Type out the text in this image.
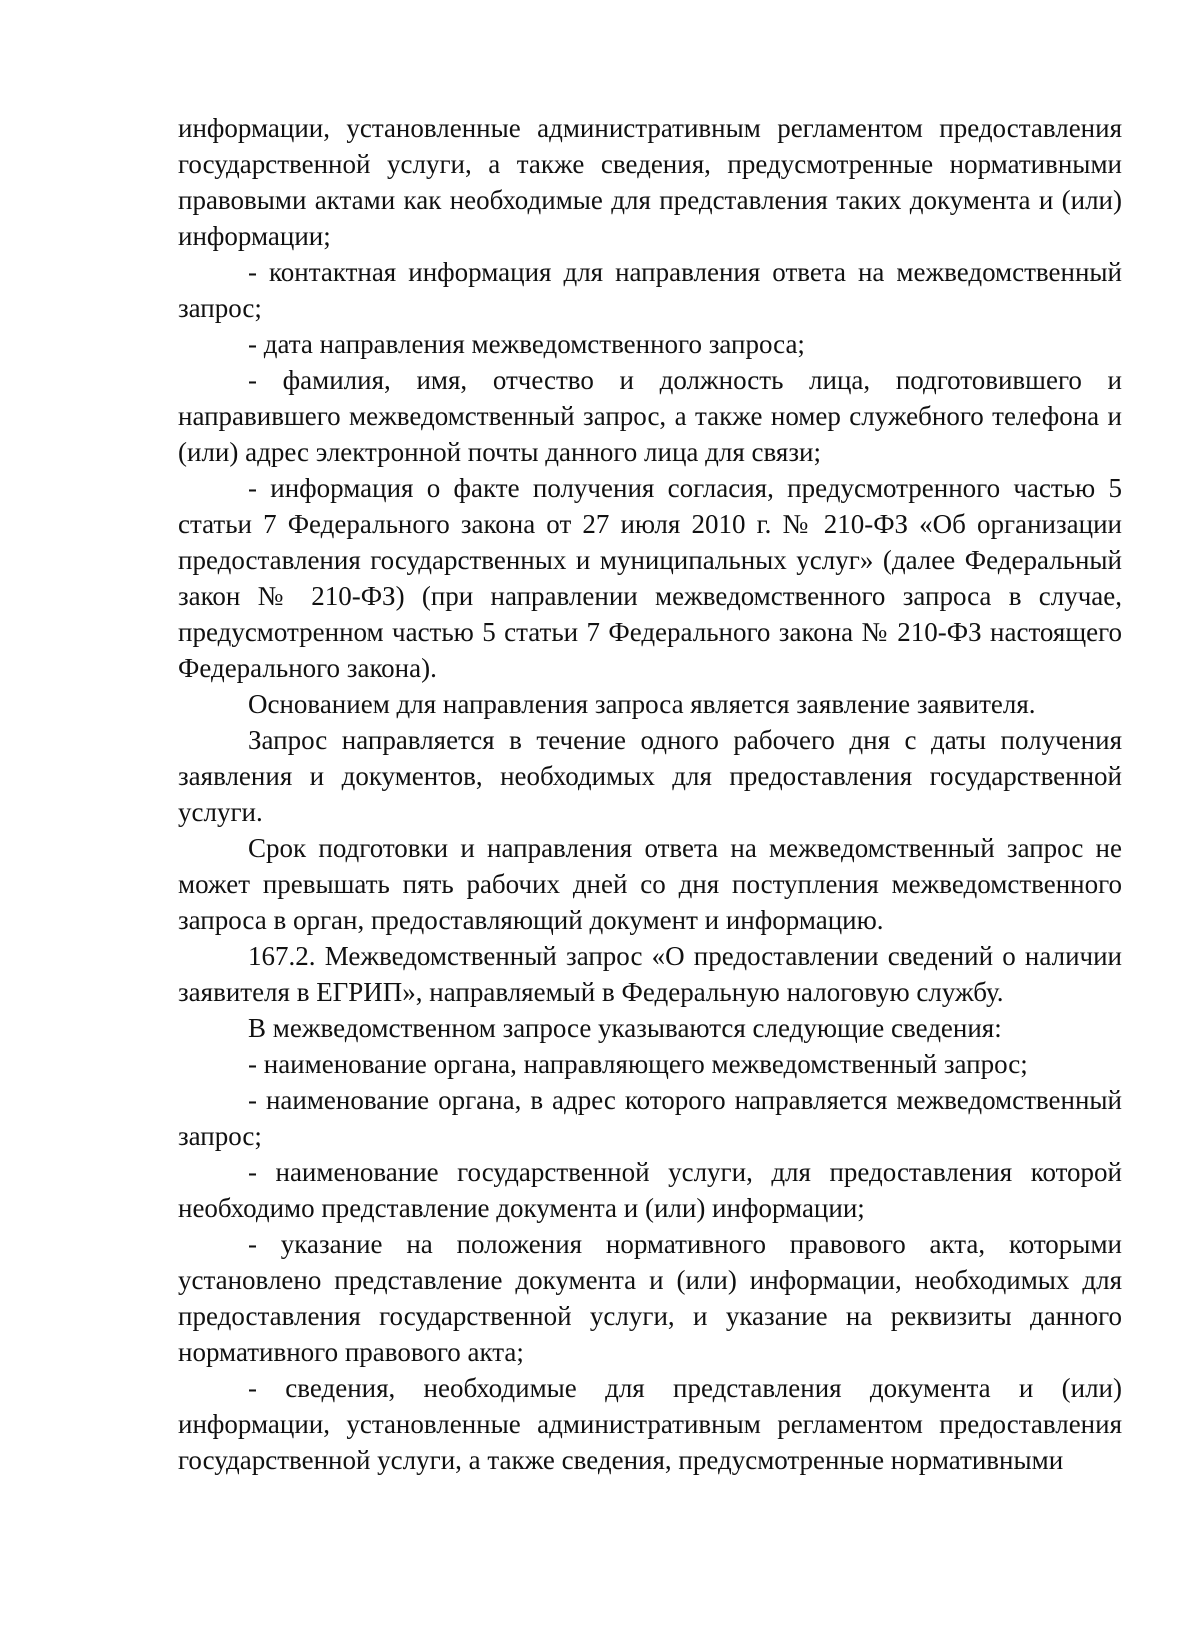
информации, установленные административным регламентом предоставления государственной услуги, а также сведения, предусмотренные нормативными правовыми актами как необходимые для представления таких документа и (или) информации;

- контактная информация для направления ответа на межведомственный запрос;

- дата направления межведомственного запроса;

- фамилия, имя, отчество и должность лица, подготовившего и направившего межведомственный запрос, а также номер служебного телефона и (или) адрес электронной почты данного лица для связи;

- информация о факте получения согласия, предусмотренного частью 5 статьи 7 Федерального закона от 27 июля 2010 г. № 210-ФЗ «Об организации предоставления государственных и муниципальных услуг» (далее Федеральный закон № 210-ФЗ) (при направлении межведомственного запроса в случае, предусмотренном частью 5 статьи 7 Федерального закона № 210-ФЗ настоящего Федерального закона).

Основанием для направления запроса является заявление заявителя.

Запрос направляется в течение одного рабочего дня с даты получения заявления и документов, необходимых для предоставления государственной услуги.

Срок подготовки и направления ответа на межведомственный запрос не может превышать пять рабочих дней со дня поступления межведомственного запроса в орган, предоставляющий документ и информацию.

167.2. Межведомственный запрос «О предоставлении сведений о наличии заявителя в ЕГРИП», направляемый в Федеральную налоговую службу.

В межведомственном запросе указываются следующие сведения:

- наименование органа, направляющего межведомственный запрос;

- наименование органа, в адрес которого направляется межведомственный запрос;

- наименование государственной услуги, для предоставления которой необходимо представление документа и (или) информации;

- указание на положения нормативного правового акта, которыми установлено представление документа и (или) информации, необходимых для предоставления государственной услуги, и указание на реквизиты данного нормативного правового акта;

- сведения, необходимые для представления документа и (или) информации, установленные административным регламентом предоставления государственной услуги, а также сведения, предусмотренные нормативными
